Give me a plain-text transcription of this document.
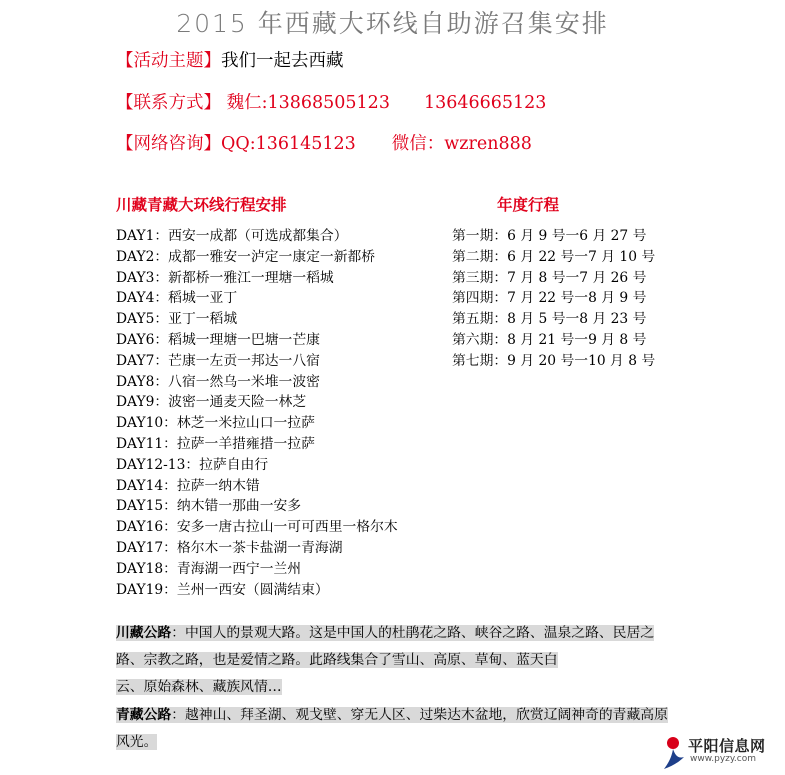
2015 年西藏大环线自助游召集安排
【活动主题】我们一起去西藏
【联系方式】 魏仁:13868505123 13646665123
【网络咨询】QQ:136145123 微信：wzren888
川藏青藏大环线行程安排	年度行程
DAY1：西安一成都（可选成都集合）
DAY2：成都一雅安一泸定一康定一新都桥
DAY3：新都桥一雅江一理塘一稻城
DAY4：稻城一亚丁
DAY5：亚丁一稻城
DAY6：稻城一理塘一巴塘一芒康
DAY7：芒康一左贡一邦达一八宿
DAY8：八宿一然乌一米堆一波密
DAY9：波密一通麦天险一林芝
DAY10：林芝一米拉山口一拉萨
DAY11：拉萨一羊措雍措一拉萨
DAY12-13：拉萨自由行
DAY14：拉萨一纳木错
DAY15：纳木错一那曲一安多
DAY16：安多一唐古拉山一可可西里一格尔木
DAY17：格尔木一茶卡盐湖一青海湖
DAY18：青海湖一西宁一兰州
DAY19：兰州一西安（圆满结束）
第一期：6 月 9 号一6 月 27 号
第二期：6 月 22 号一7 月 10 号
第三期：7 月 8 号一7 月 26 号
第四期：7 月 22 号一8 月 9 号
第五期：8 月 5 号一8 月 23 号
第六期：8 月 21 号一9 月 8 号
第七期：9 月 20 号一10 月 8 号
川藏公路：中国人的景观大路。这是中国人的杜鹃花之路、峡谷之路、温泉之路、民居之路、宗教之路，也是爱情之路。此路线集合了雪山、高原、草甸、蓝天白
云、原始森林、藏族风情…
青藏公路：越神山、拜圣湖、观戈壁、穿无人区、过柴达木盆地，欣赏辽阔神奇的青藏高原风光。	平阳信息网
www.pyzy.com
